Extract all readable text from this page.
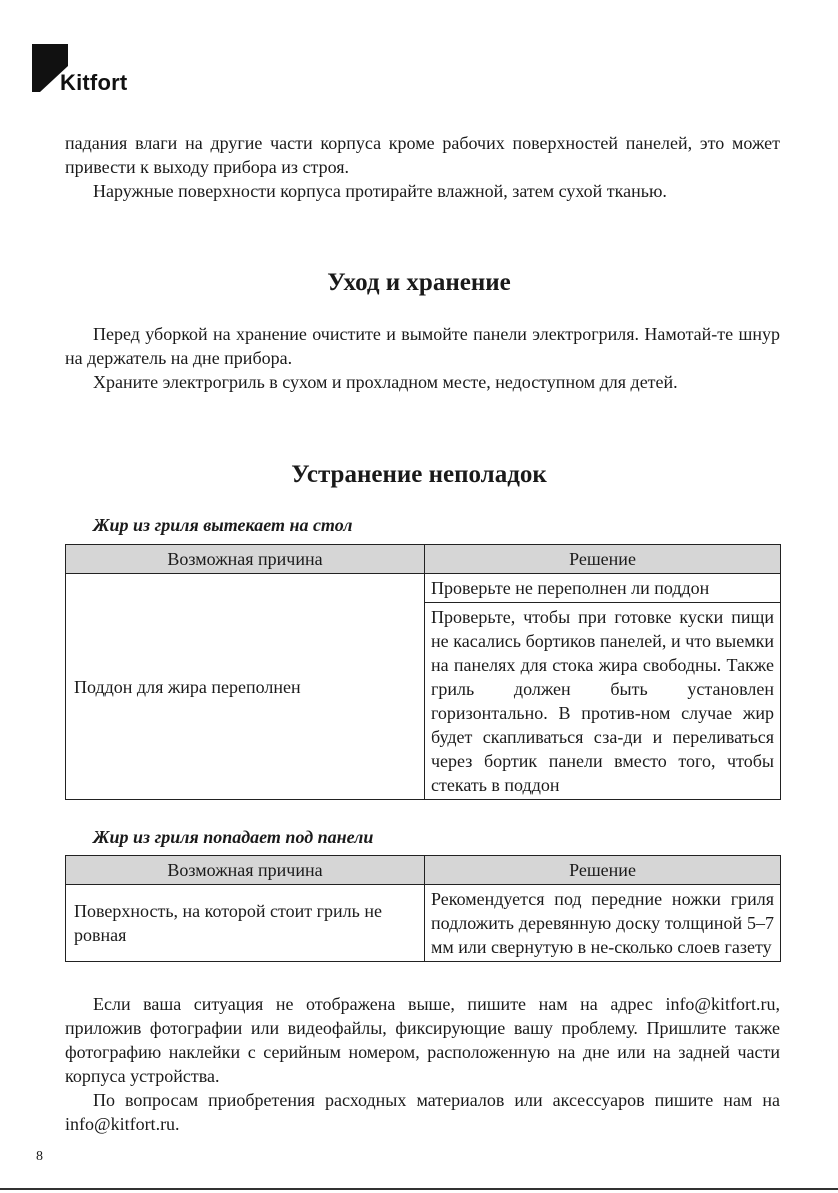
Kitfort

падания влаги на другие части корпуса кроме рабочих поверхностей панелей, это может привести к выходу прибора из строя.

Наружные поверхности корпуса протирайте влажной, затем сухой тканью.

Уход и хранение

Перед уборкой на хранение очистите и вымойте панели электрогриля. Намотай-те шнур на держатель на дне прибора.

Храните электрогриль в сухом и прохладном месте, недоступном для детей.

Устранение неполадок
Жир из гриля вытекает на стол
Возможная причина	Решение
Поддон для жира переполнен	Проверьте не переполнен ли поддон
	Проверьте, чтобы при готовке куски пищи не касались бортиков панелей, и что выемки на панелях для стока жира свободны. Также гриль должен быть установлен горизонтально. В против-ном случае жир будет скапливаться сза-ди и переливаться через бортик панели вместо того, чтобы стекать в поддон
Жир из гриля попадает под панели
Возможная причина	Решение
Поверхность, на которой стоит гриль не ровная	Рекомендуется под передние ножки гриля подложить деревянную доску толщиной 5–7 мм или свернутую в не-сколько слоев газету

Если ваша ситуация не отображена выше, пишите нам на адрес info@kitfort.ru, приложив фотографии или видеофайлы, фиксирующие вашу проблему. Пришлите также фотографию наклейки с серийным номером, расположенную на дне или на задней части корпуса устройства.

По вопросам приобретения расходных материалов или аксессуаров пишите нам на info@kitfort.ru.

8
